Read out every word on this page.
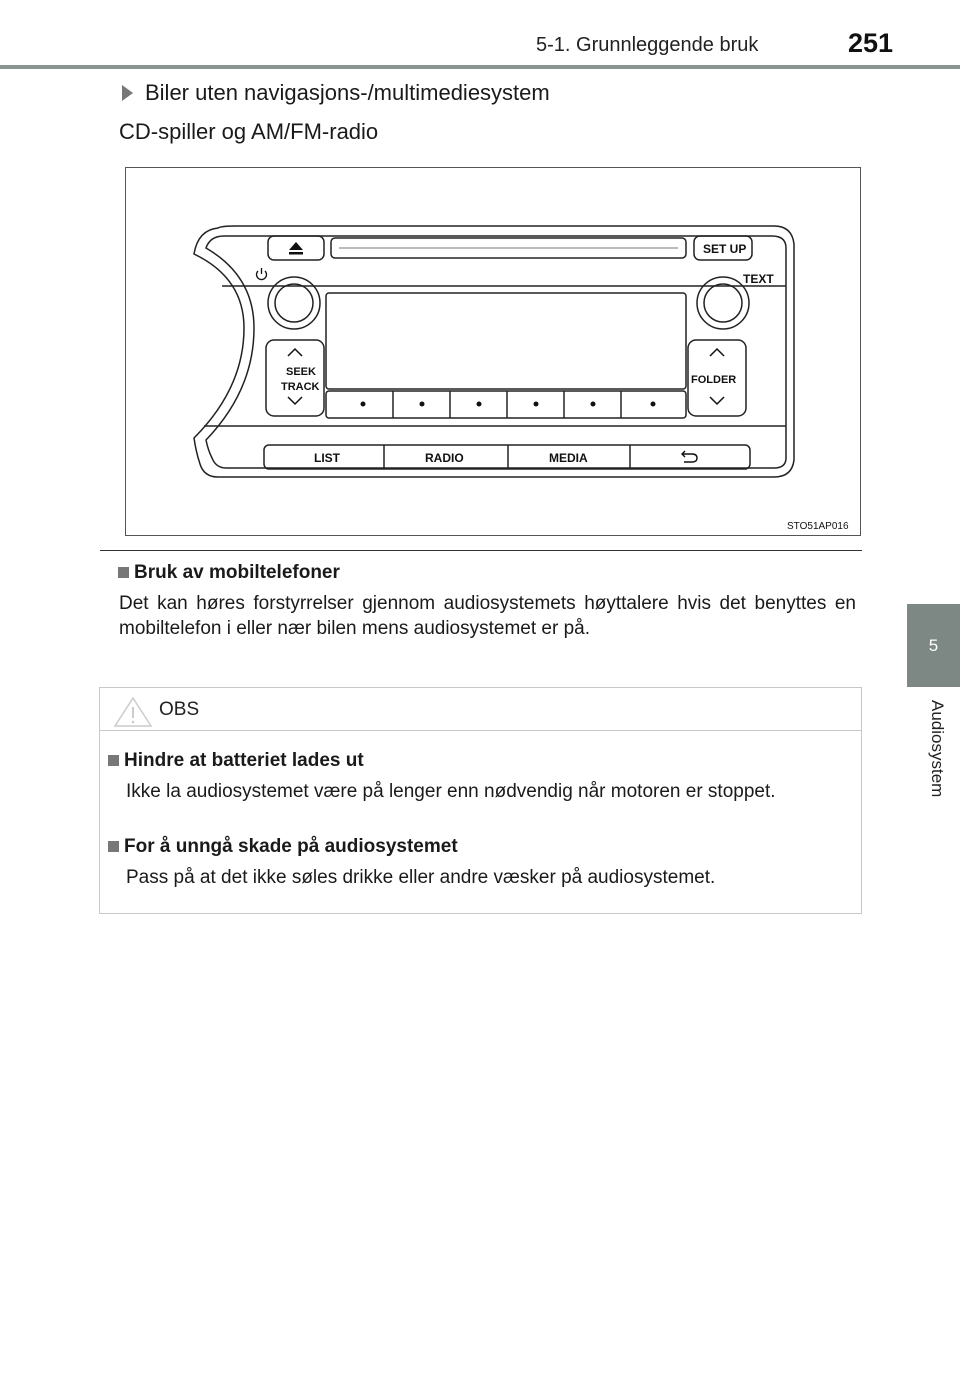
5-1. Grunnleggende bruk	251
5
Audiosystem
Biler uten navigasjons-/multimediesystem
CD-spiller og AM/FM-radio
SET UP
TEXT
SEEK
TRACK
FOLDER
LIST	RADIO	MEDIA
STO51AP016
Bruk av mobiltelefoner
Det kan høres forstyrrelser gjennom audiosystemets høyttalere hvis det benyttes en mobiltelefon i eller nær bilen mens audiosystemet er på.
OBS
Hindre at batteriet lades ut
Ikke la audiosystemet være på lenger enn nødvendig når motoren er stoppet.
For å unngå skade på audiosystemet
Pass på at det ikke søles drikke eller andre væsker på audiosystemet.
